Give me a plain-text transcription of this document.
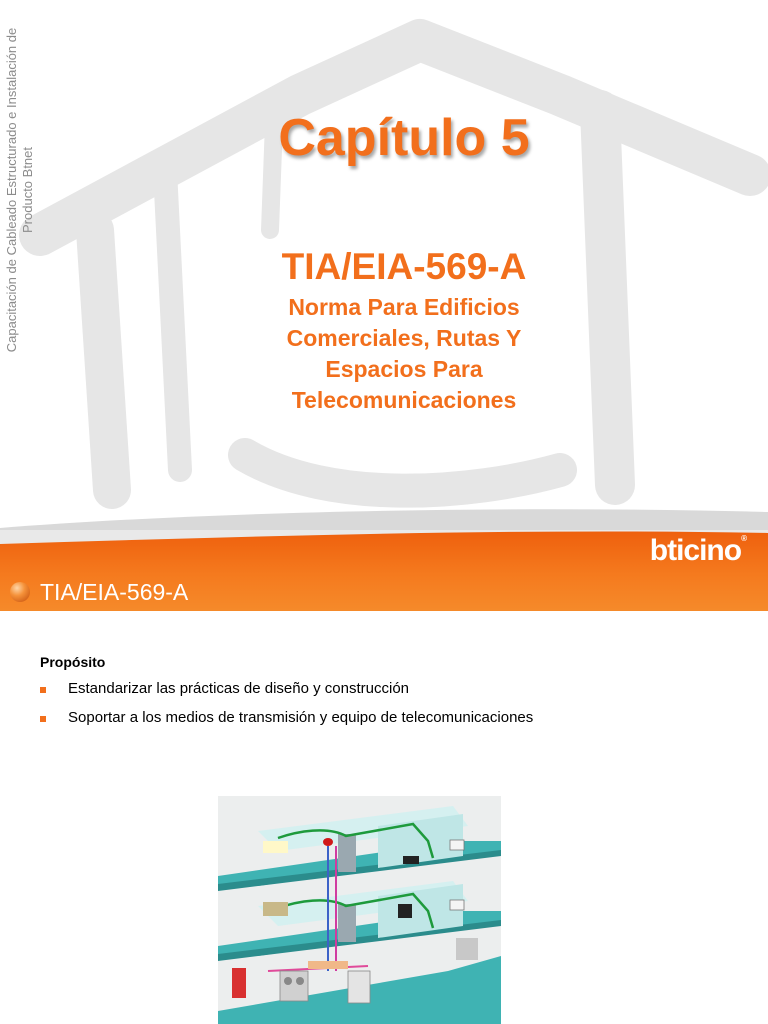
Capacitación de Cableado Estructurado e Instalación de Producto Btnet
Capítulo 5
TIA/EIA-569-A
Norma Para Edificios
Comerciales, Rutas Y
Espacios Para
Telecomunicaciones
bticino®
TIA/EIA-569-A
Propósito
Estandarizar las prácticas de diseño y construcción
Soportar a los medios de transmisión y equipo de telecomunicaciones
